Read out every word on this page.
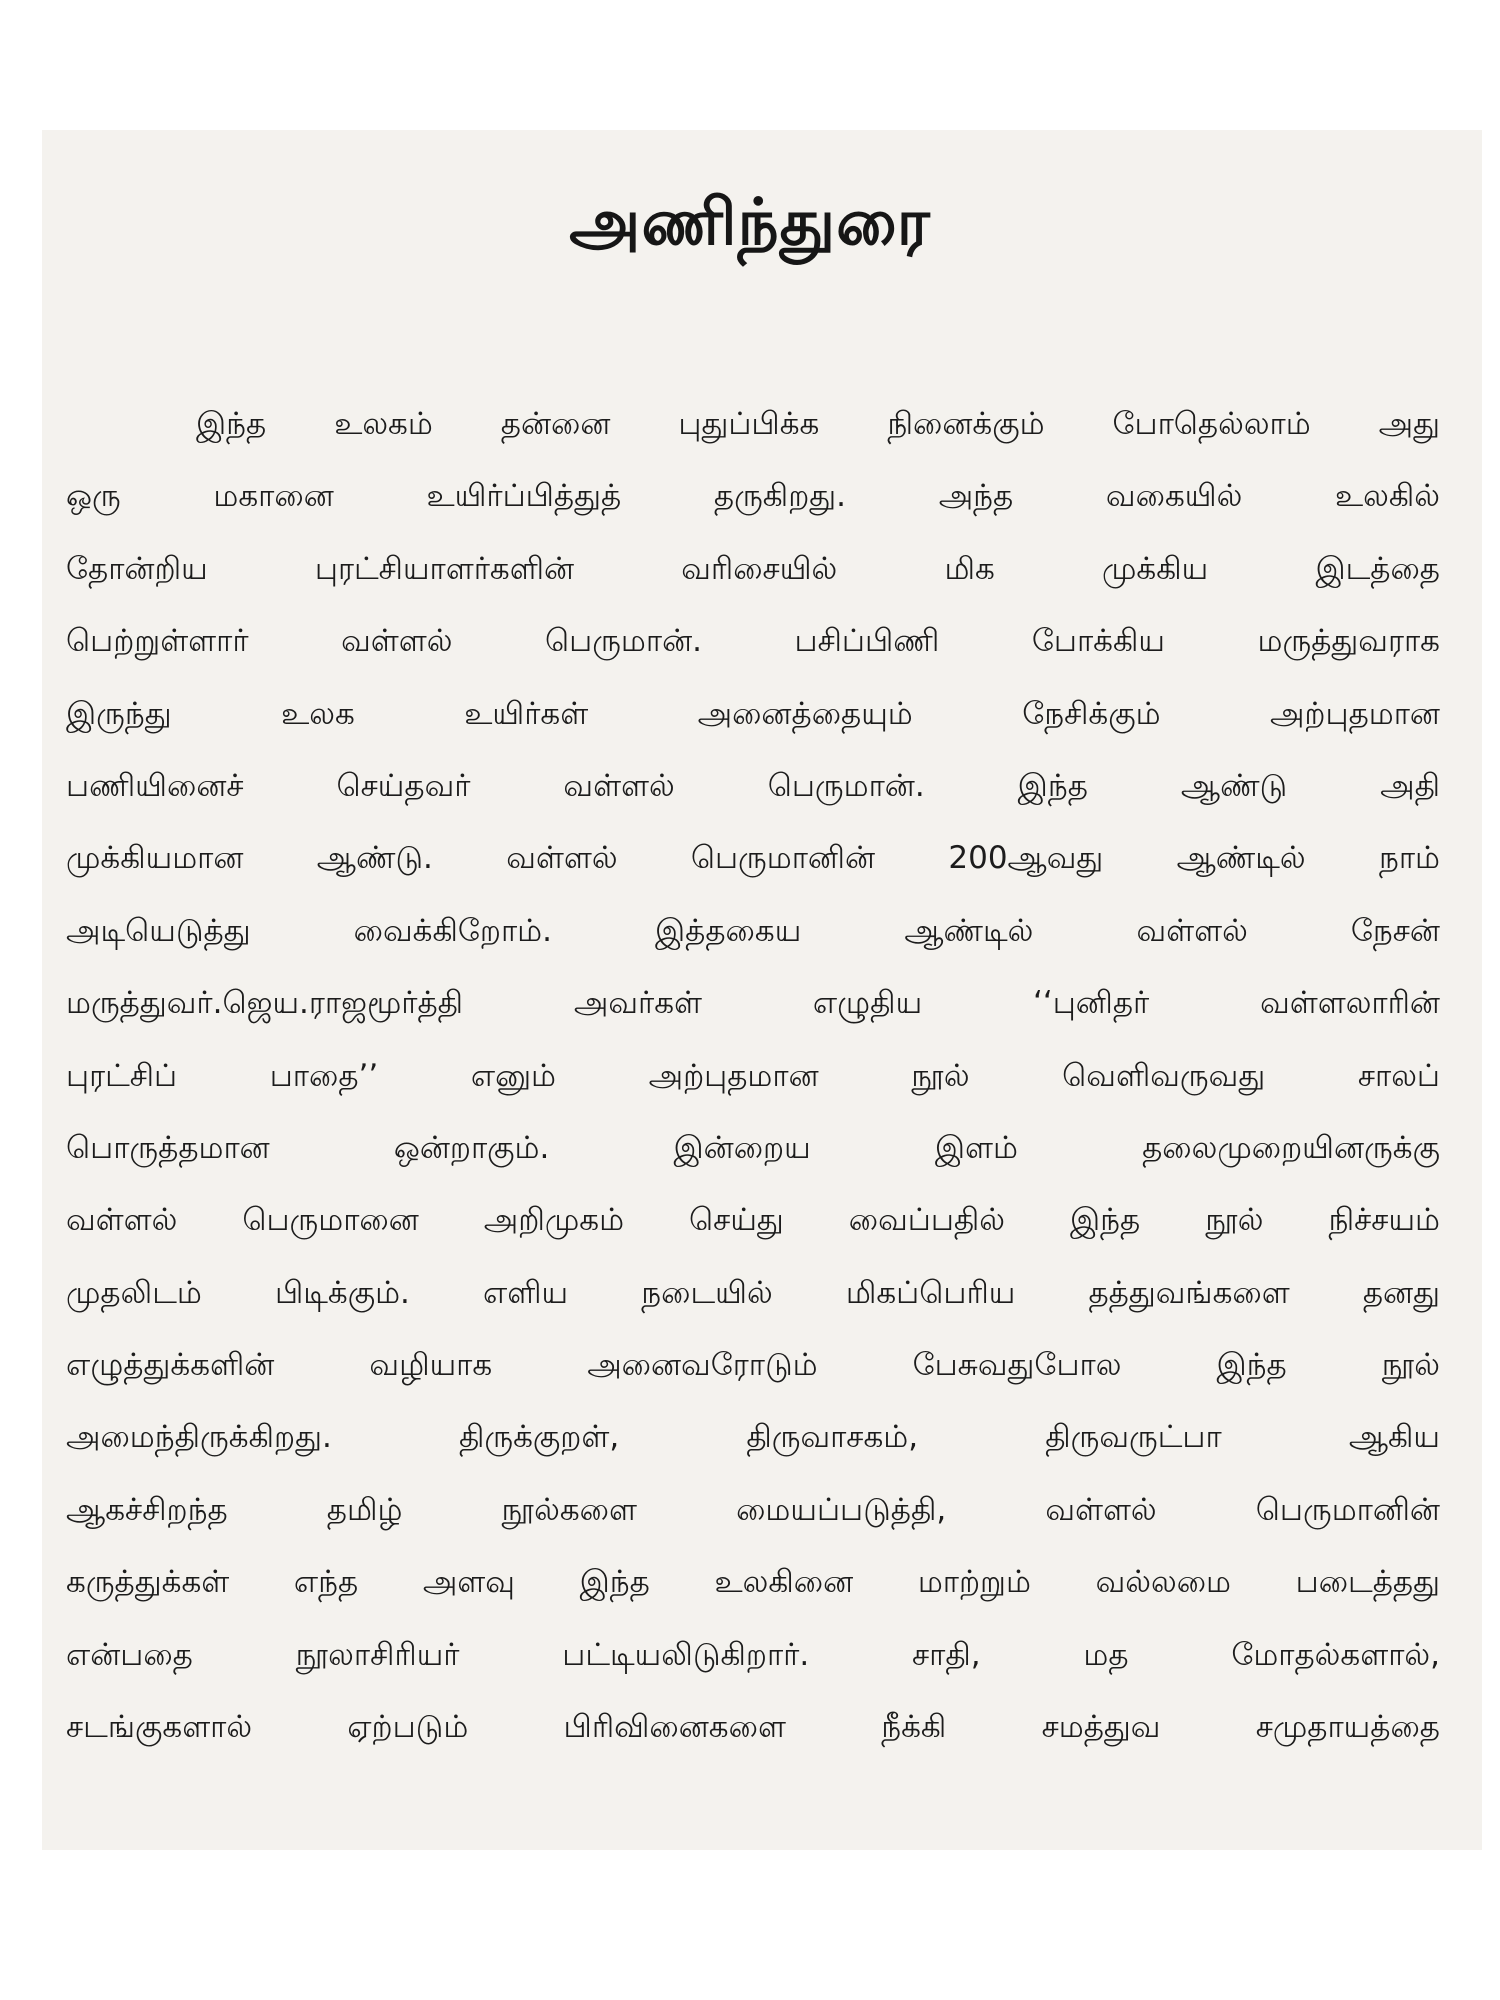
அணிந்துரை
இந்த உலகம் தன்னை புதுப்பிக்க நினைக்கும் போதெல்லாம் அது
ஒரு மகானை உயிர்ப்பித்துத் தருகிறது. அந்த வகையில் உலகில்
தோன்றிய புரட்சியாளர்களின் வரிசையில் மிக முக்கிய இடத்தை
பெற்றுள்ளார் வள்ளல் பெருமான். பசிப்பிணி போக்கிய மருத்துவராக
இருந்து உலக உயிர்கள் அனைத்தையும் நேசிக்கும் அற்புதமான
பணியினைச் செய்தவர் வள்ளல் பெருமான். இந்த ஆண்டு அதி
முக்கியமான ஆண்டு. வள்ளல் பெருமானின் 200ஆவது ஆண்டில் நாம்
அடியெடுத்து வைக்கிறோம். இத்தகைய ஆண்டில் வள்ளல் நேசன்
மருத்துவர்.ஜெய.ராஜமூர்த்தி அவர்கள் எழுதிய ‘‘புனிதர் வள்ளலாரின்
புரட்சிப் பாதை’’ எனும் அற்புதமான நூல் வெளிவருவது சாலப்
பொருத்தமான ஒன்றாகும். இன்றைய இளம் தலைமுறையினருக்கு
வள்ளல் பெருமானை அறிமுகம் செய்து வைப்பதில் இந்த நூல் நிச்சயம்
முதலிடம் பிடிக்கும். எளிய நடையில் மிகப்பெரிய தத்துவங்களை தனது
எழுத்துக்களின் வழியாக அனைவரோடும் பேசுவதுபோல இந்த நூல்
அமைந்திருக்கிறது. திருக்குறள், திருவாசகம், திருவருட்பா ஆகிய
ஆகச்சிறந்த தமிழ் நூல்களை மையப்படுத்தி, வள்ளல் பெருமானின்
கருத்துக்கள் எந்த அளவு இந்த உலகினை மாற்றும் வல்லமை படைத்தது
என்பதை நூலாசிரியர் பட்டியலிடுகிறார். சாதி, மத மோதல்களால்,
சடங்குகளால் ஏற்படும் பிரிவினைகளை நீக்கி சமத்துவ சமுதாயத்தை
